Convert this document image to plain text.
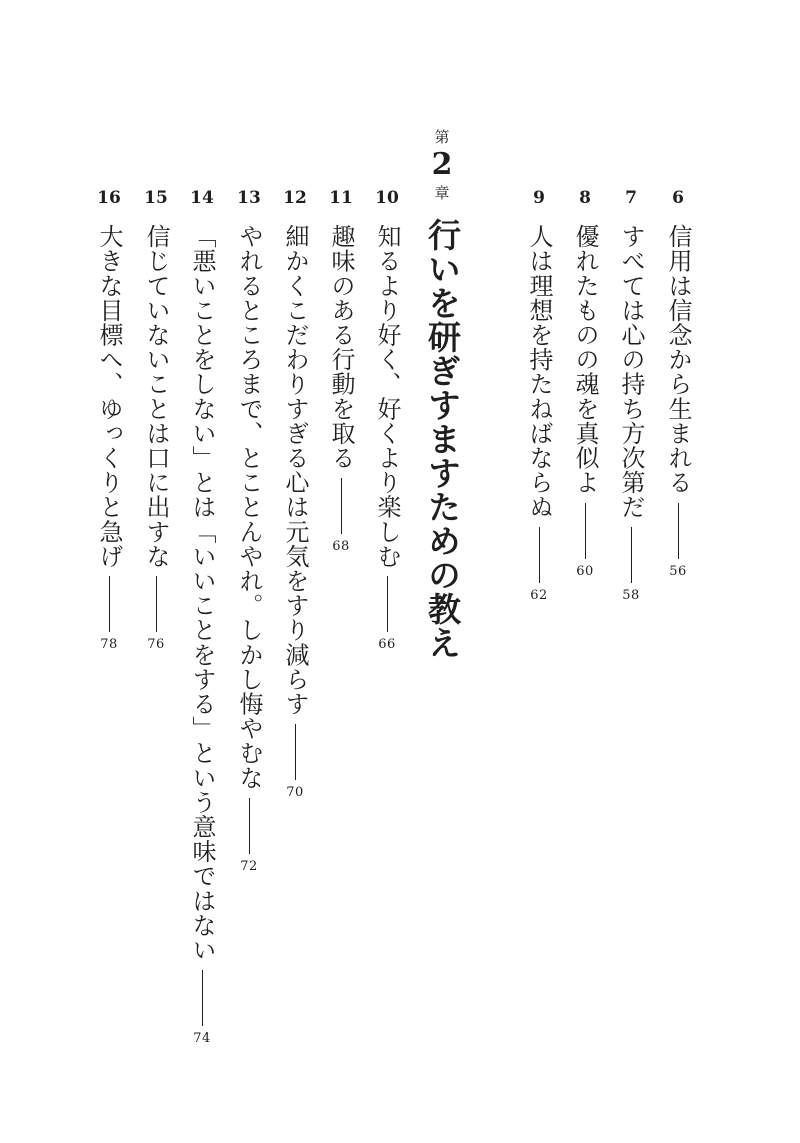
6
信用は信念から生まれる
56
7
すべては心の持ち方次第だ
58
8
優れたものの魂を真似よ
60
9
人は理想を持たねばならぬ
62
第
2
章
行いを研ぎすますための教え
10
知るより好く、好くより楽しむ
66
11
趣味のある行動を取る
68
12
細かくこだわりすぎる心は元気をすり減らす
70
13
やれるところまで、とことんやれ。しかし悔やむな
72
14
「悪いことをしない」とは「いいことをする」という意味ではない
74
15
信じていないことは口に出すな
76
16
大きな目標へ、ゆっくりと急げ
78
